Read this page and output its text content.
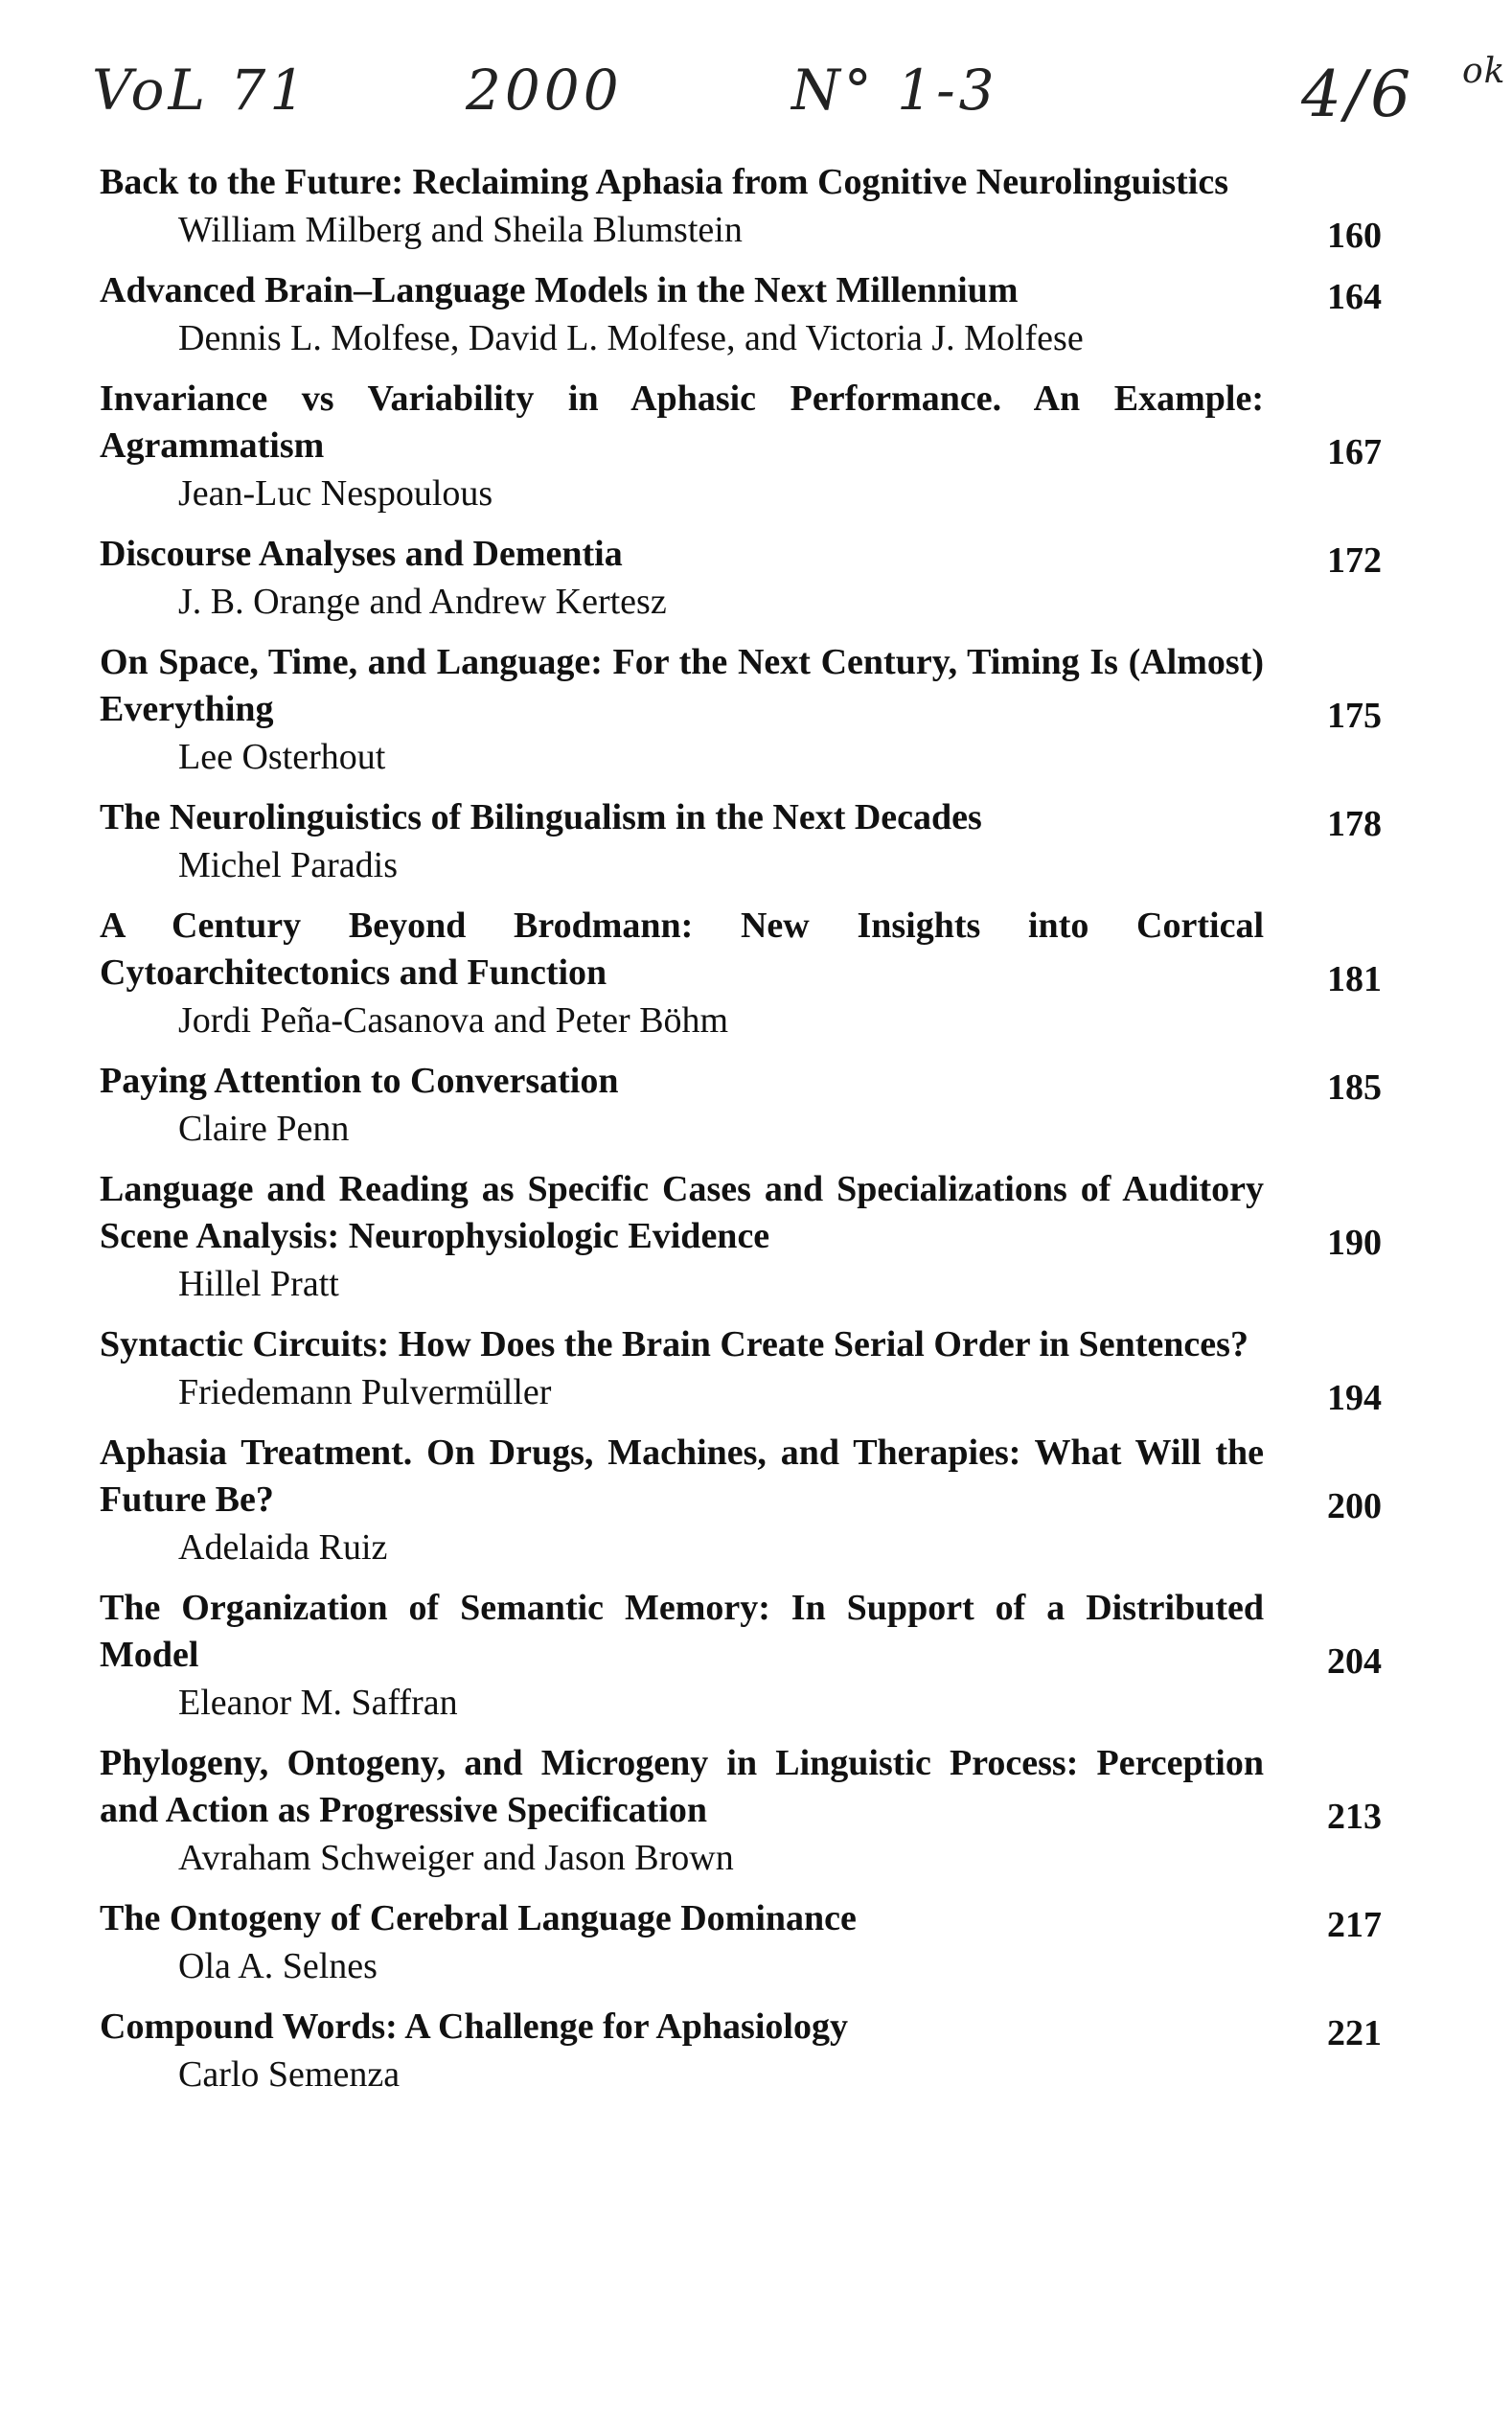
VoL 71	2000	N° 1-3	4/6 ok
Back to the Future: Reclaiming Aphasia from Cognitive Neurolinguistics
William Milberg and Sheila Blumstein	160
Advanced Brain–Language Models in the Next Millennium
Dennis L. Molfese, David L. Molfese, and Victoria J. Molfese
164
Invariance vs Variability in Aphasic Performance. An Example: Agrammatism
Jean-Luc Nespoulous
167
Discourse Analyses and Dementia
J. B. Orange and Andrew Kertesz
172
On Space, Time, and Language: For the Next Century, Timing Is (Almost) Everything
Lee Osterhout
175
The Neurolinguistics of Bilingualism in the Next Decades
Michel Paradis
178
A Century Beyond Brodmann: New Insights into Cortical Cytoarchitectonics and Function
Jordi Peña-Casanova and Peter Böhm
181
Paying Attention to Conversation
Claire Penn
185
Language and Reading as Specific Cases and Specializations of Auditory Scene Analysis: Neurophysiologic Evidence
Hillel Pratt
190
Syntactic Circuits: How Does the Brain Create Serial Order in Sentences?
Friedemann Pulvermüller	194
Aphasia Treatment. On Drugs, Machines, and Therapies: What Will the Future Be?
Adelaida Ruiz
200
The Organization of Semantic Memory: In Support of a Distributed Model
Eleanor M. Saffran
204
Phylogeny, Ontogeny, and Microgeny in Linguistic Process: Perception and Action as Progressive Specification
Avraham Schweiger and Jason Brown
213
The Ontogeny of Cerebral Language Dominance
Ola A. Selnes
217
Compound Words: A Challenge for Aphasiology
Carlo Semenza
221
